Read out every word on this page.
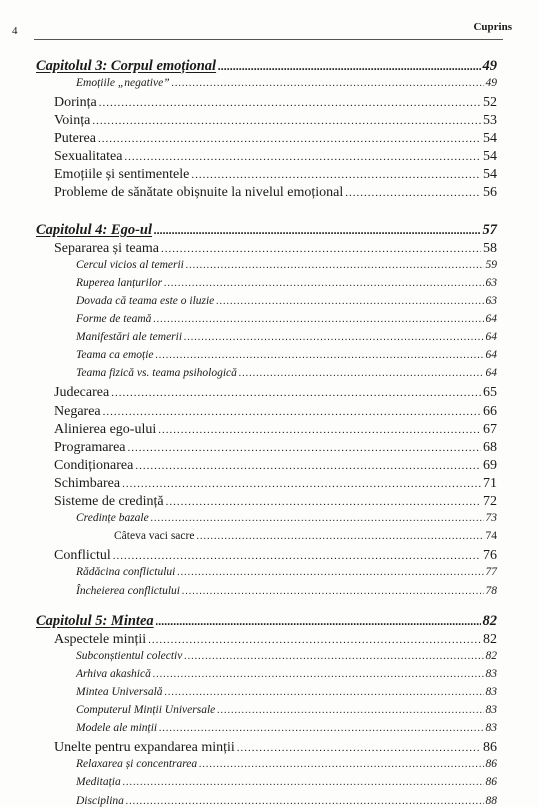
4	Cuprins
Capitolul 3: Corpul emoțional .....	49
Emoțiile „negative” .....	49
Dorința .....	52
Voința .....	53
Puterea .....	54
Sexualitatea .....	54
Emoțiile și sentimentele .....	54
Probleme de sănătate obișnuite la nivelul emoțional .....	56
Capitolul 4: Ego-ul .....	57
Separarea și teama .....	58
Cercul vicios al temerii .....	59
Ruperea lanțurilor .....	63
Dovada că teama este o iluzie .....	63
Forme de teamă .....	64
Manifestări ale temerii .....	64
Teama ca emoție .....	64
Teama fizică vs. teama psihologică .....	64
Judecarea .....	65
Negarea .....	66
Alinierea ego-ului .....	67
Programarea .....	68
Condiționarea .....	69
Schimbarea .....	71
Sisteme de credință .....	72
Credințe bazale .....	73
Câteva vaci sacre .....	74
Conflictul .....	76
Rădăcina conflictului .....	77
Încheierea conflictului .....	78
Capitolul 5: Mintea .....	82
Aspectele minții .....	82
Subconștientul colectiv .....	82
Arhiva akashică .....	83
Mintea Universală .....	83
Computerul Minții Universale .....	83
Modele ale minții .....	83
Unelte pentru expandarea minții .....	86
Relaxarea și concentrarea .....	86
Meditația .....	86
Disciplina .....	88
